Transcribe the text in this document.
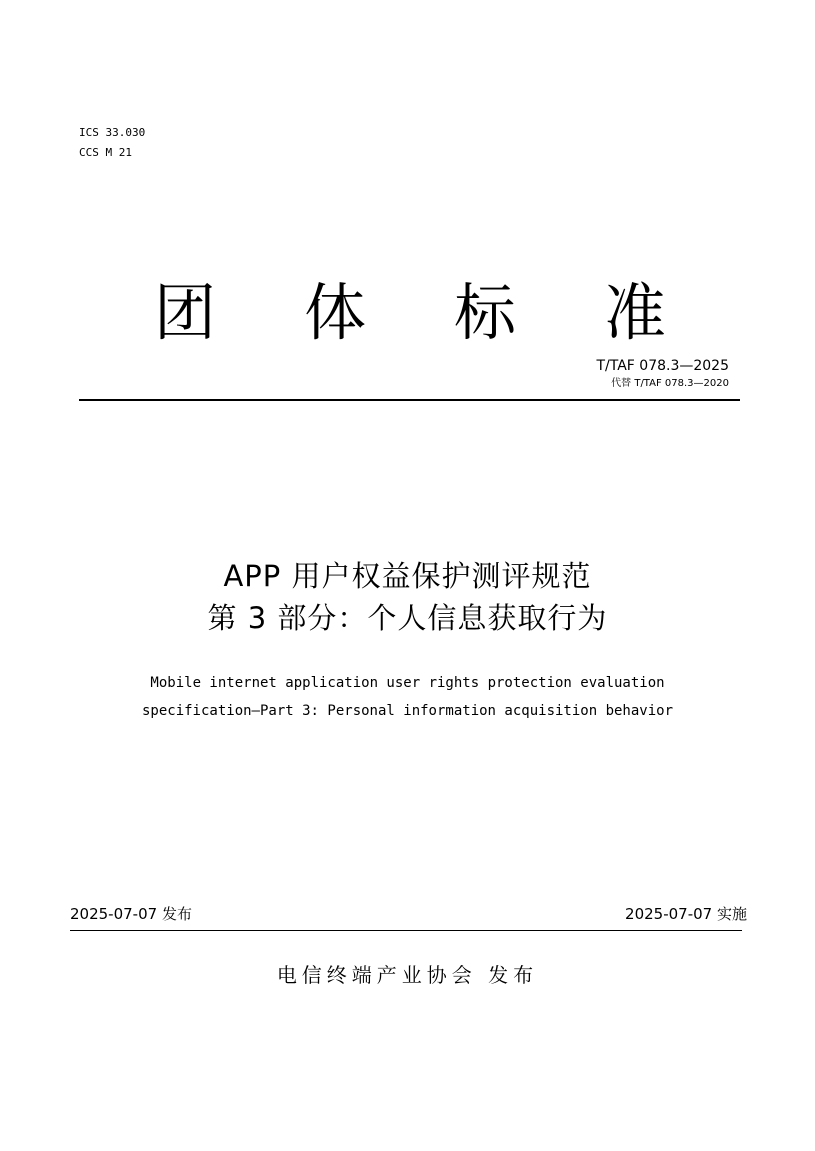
ICS 33.030
CCS M 21
团 体 标 准
T/TAF 078.3—2025
代替 T/TAF 078.3—2020
APP 用户权益保护测评规范
第 3 部分：个人信息获取行为
Mobile internet application user rights protection evaluation
specification—Part 3: Personal information acquisition behavior
2025-07-07 发布	2025-07-07 实施
电信终端产业协会 发布
